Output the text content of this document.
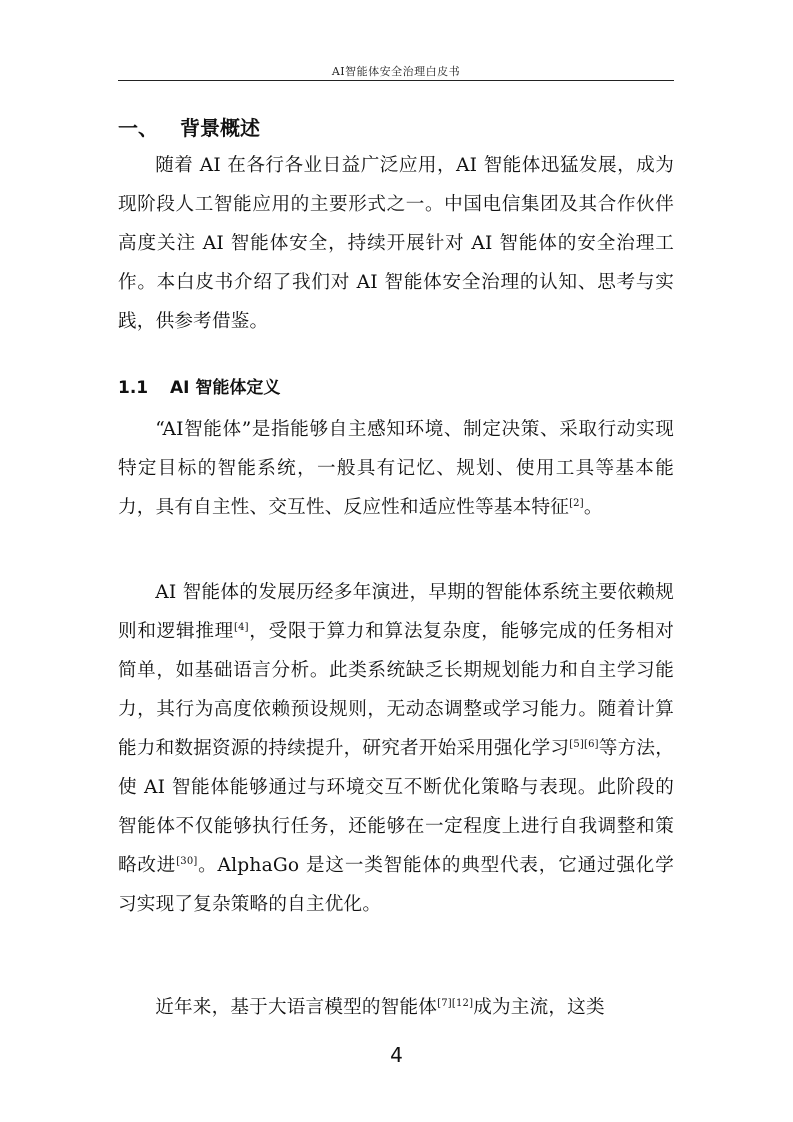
AI智能体安全治理白皮书
一、 背景概述
随着 AI 在各行各业日益广泛应用，AI 智能体迅猛发展，成为现阶段人工智能应用的主要形式之一。中国电信集团及其合作伙伴高度关注 AI 智能体安全，持续开展针对 AI 智能体的安全治理工作。本白皮书介绍了我们对 AI 智能体安全治理的认知、思考与实践，供参考借鉴。
1.1 AI 智能体定义
“AI智能体”是指能够自主感知环境、制定决策、采取行动实现特定目标的智能系统，一般具有记忆、规划、使用工具等基本能力，具有自主性、交互性、反应性和适应性等基本特征[2]。
AI 智能体的发展历经多年演进，早期的智能体系统主要依赖规则和逻辑推理[4]，受限于算力和算法复杂度，能够完成的任务相对简单，如基础语言分析。此类系统缺乏长期规划能力和自主学习能力，其行为高度依赖预设规则，无动态调整或学习能力。随着计算能力和数据资源的持续提升，研究者开始采用强化学习[5][6]等方法，使 AI 智能体能够通过与环境交互不断优化策略与表现。此阶段的智能体不仅能够执行任务，还能够在一定程度上进行自我调整和策略改进[30]。AlphaGo 是这一类智能体的典型代表，它通过强化学习实现了复杂策略的自主优化。
近年来，基于大语言模型的智能体[7][12]成为主流，这类
4
